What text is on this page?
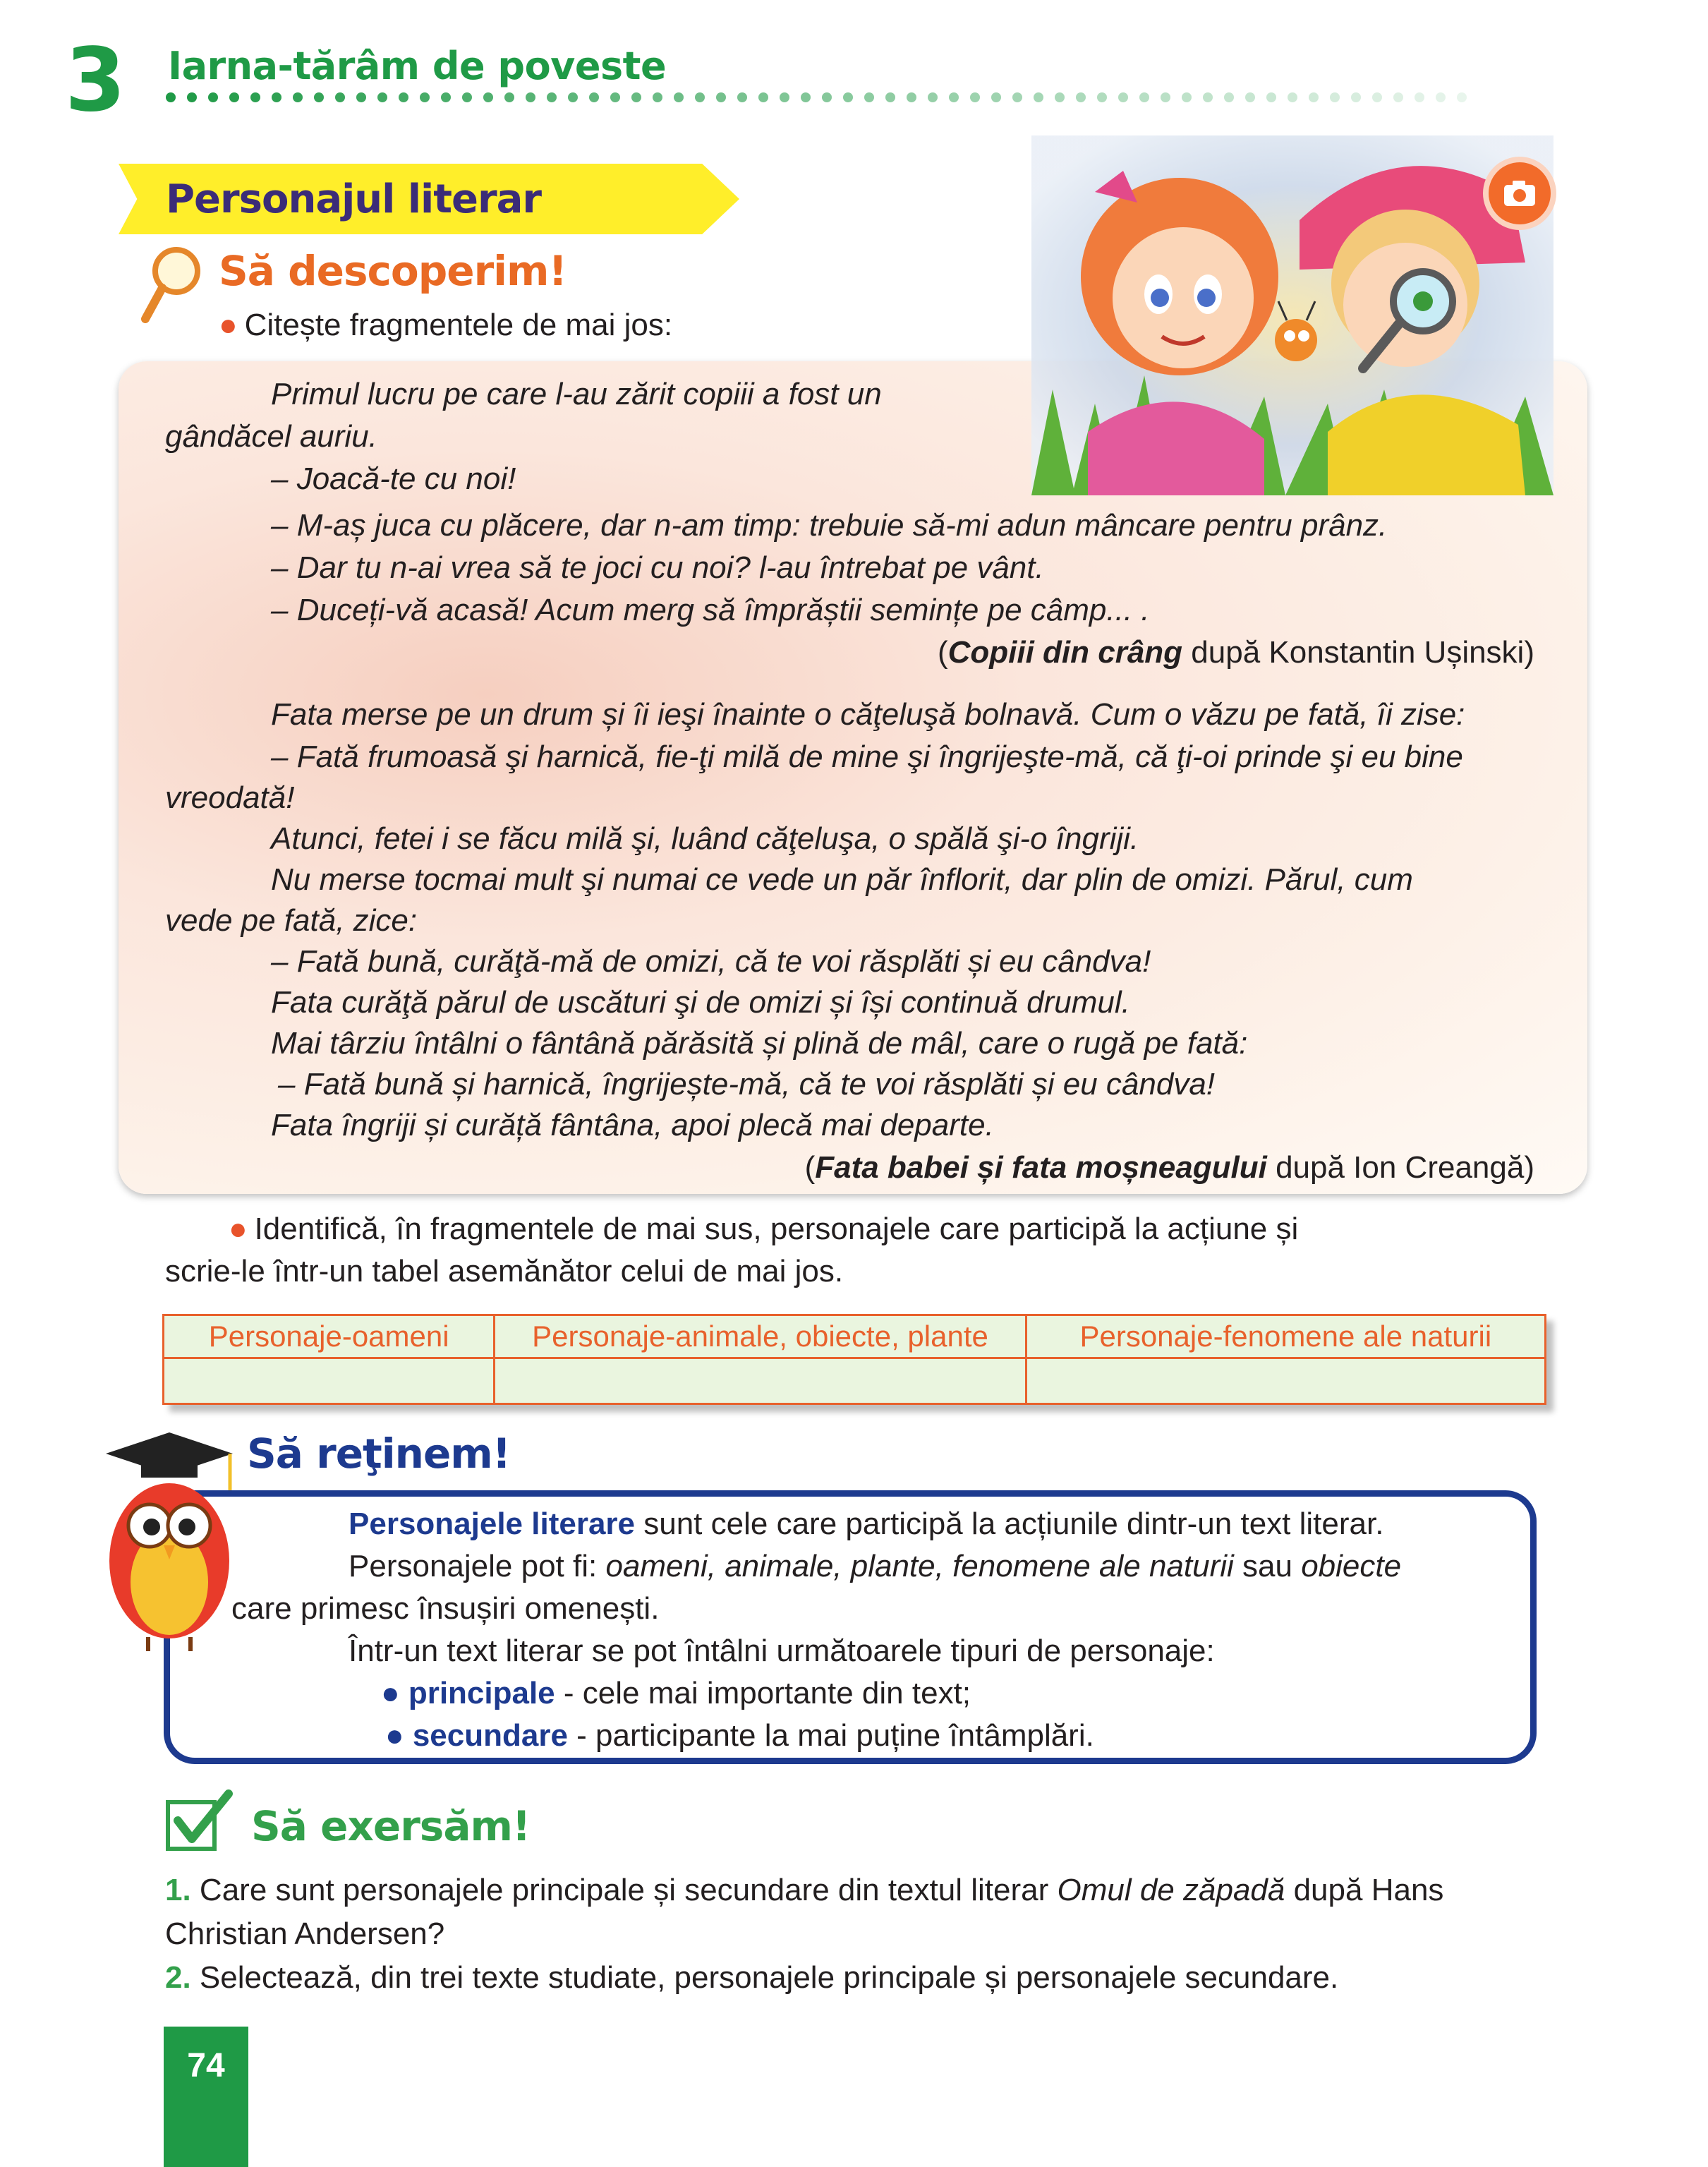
3 Iarna-tărâm de poveste
Personajul literar
Să descoperim!
● Citește fragmentele de mai jos:
Primul lucru pe care l-au zărit copiii a fost un
gândăcel auriu.
– Joacă-te cu noi!
– M-aș juca cu plăcere, dar n-am timp: trebuie să-mi adun mâncare pentru prânz.
– Dar tu n-ai vrea să te joci cu noi? l-au întrebat pe vânt.
– Duceți-vă acasă! Acum merg să împrăștii semințe pe câmp... .
(Copiii din crâng după Konstantin Ușinski)
Fata merse pe un drum și îi ieşi înainte o căţeluşă bolnavă. Cum o văzu pe fată, îi zise:
– Fată frumoasă şi harnică, fie-ţi milă de mine şi îngrijeşte-mă, că ţi-oi prinde şi eu bine
vreodată!
Atunci, fetei i se făcu milă şi, luând căţeluşa, o spălă şi-o îngriji.
Nu merse tocmai mult şi numai ce vede un păr înflorit, dar plin de omizi. Părul, cum
vede pe fată, zice:
– Fată bună, curăţă-mă de omizi, că te voi răsplăti și eu cândva!
Fata curăţă părul de uscături şi de omizi și își continuă drumul.
Mai târziu întâlni o fântână părăsită și plină de mâl, care o rugă pe fată:
– Fată bună și harnică, îngrijește-mă, că te voi răsplăti și eu cândva!
Fata îngriji și curăță fântâna, apoi plecă mai departe.
(Fata babei și fata moșneagului după Ion Creangă)
● Identifică, în fragmentele de mai sus, personajele care participă la acțiune și
scrie-le într-un tabel asemănător celui de mai jos.
Personaje-oameni	Personaje-animale, obiecte, plante	Personaje-fenomene ale naturii

Să reţinem!
Personajele literare sunt cele care participă la acțiunile dintr-un text literar.
Personajele pot fi: oameni, animale, plante, fenomene ale naturii sau obiecte
care primesc însușiri omenești.
Într-un text literar se pot întâlni următoarele tipuri de personaje:
● principale - cele mai importante din text;
● secundare - participante la mai puține întâmplări.
Să exersăm!
1. Care sunt personajele principale și secundare din textul literar Omul de zăpadă după Hans
Christian Andersen?
2. Selectează, din trei texte studiate, personajele principale și personajele secundare.
74
